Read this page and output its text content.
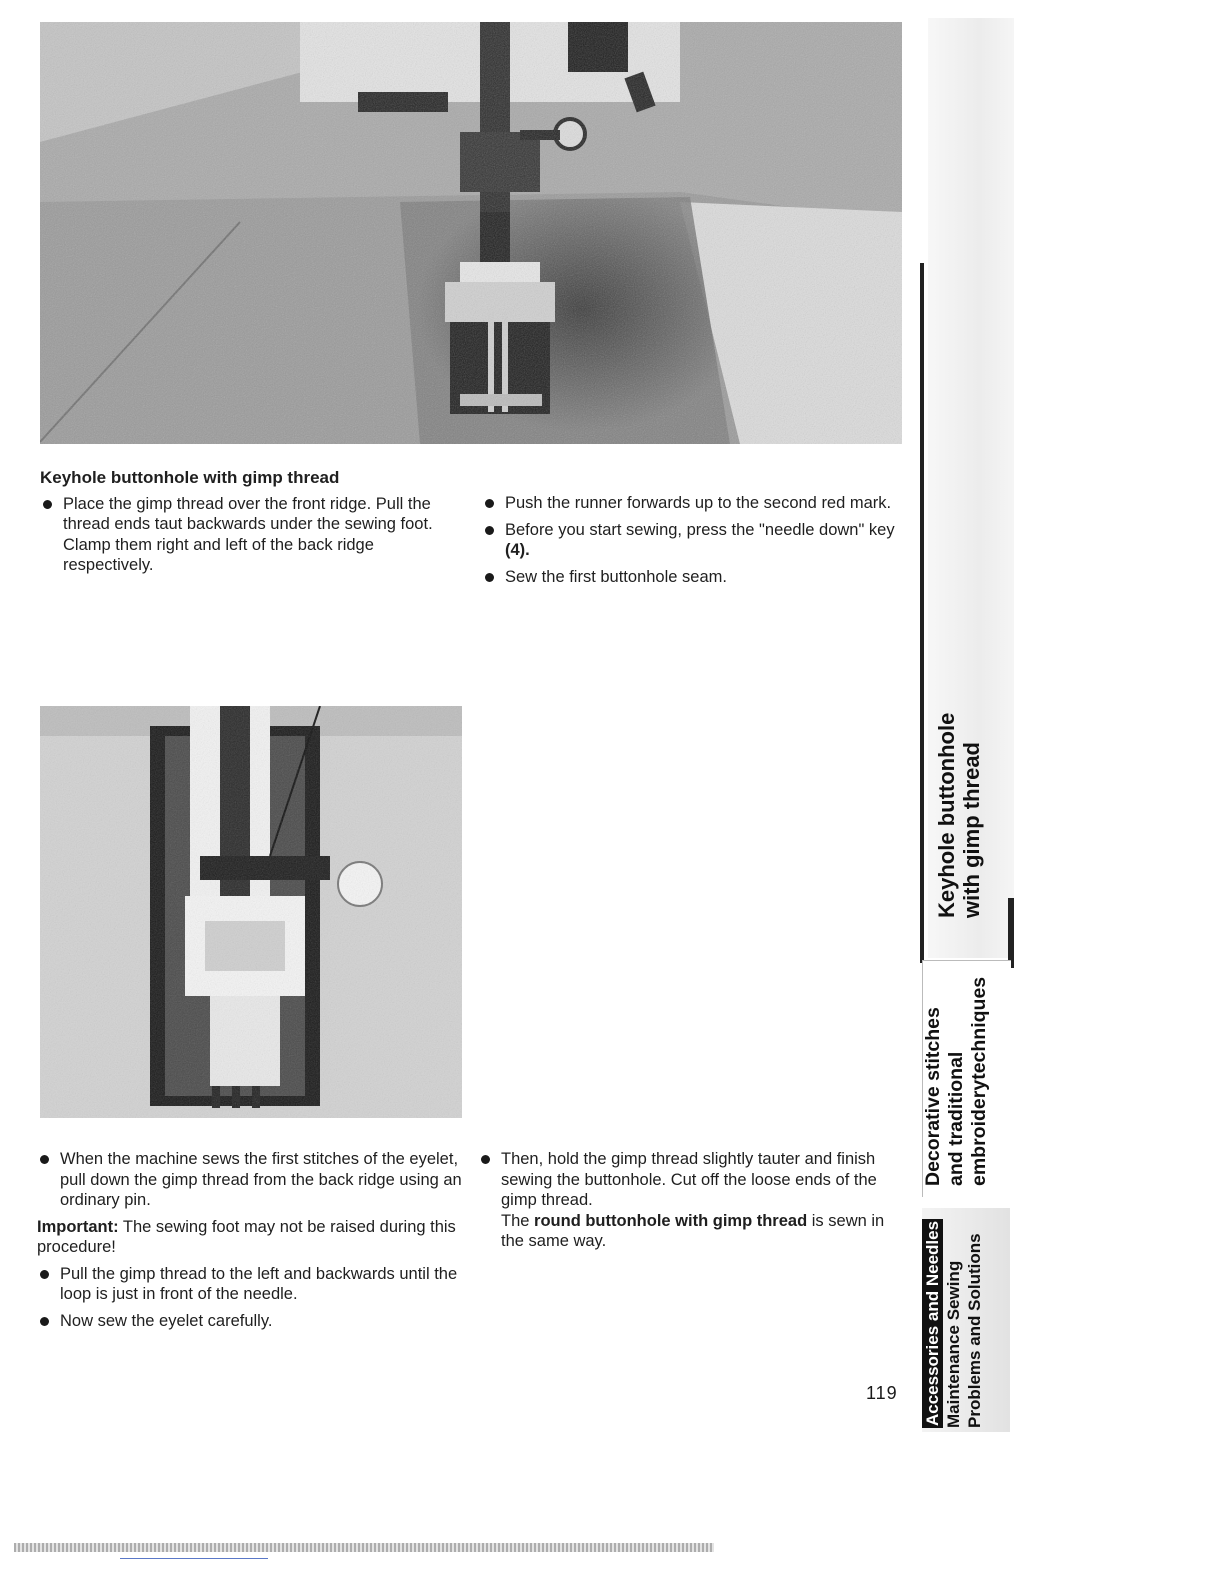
Keyhole buttonhole with gimp thread
Place the gimp thread over the front ridge. Pull the thread ends taut backwards under the sewing foot. Clamp them right and left of the back ridge respectively.
Push the runner forwards up to the second red mark.
Before you start sewing, press the "needle down" key (4).
Sew the first buttonhole seam.
When the machine sews the first stitches of the eyelet, pull down the gimp thread from the back ridge using an ordinary pin.

Important: The sewing foot may not be raised during this procedure!

Pull the gimp thread to the left and backwards until the loop is just in front of the needle.
Now sew the eyelet carefully.
Then, hold the gimp thread slightly tauter and finish sewing the buttonhole. Cut off the loose ends of the gimp thread.
The round buttonhole with gimp thread is sewn in the same way.
119
Keyhole buttonhole with gimp thread
Decorative stitches and traditional embroiderytechniques
Accessories and Needles Maintenance Sewing Problems and Solutions
